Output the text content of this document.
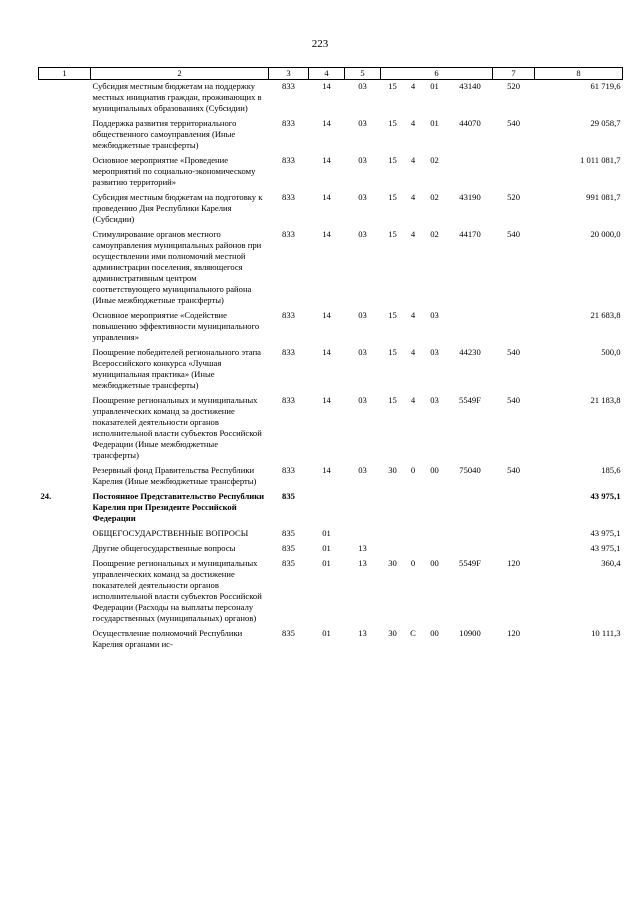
223
1	2	3	4	5	6				7	8
	Субсидия местным бюджетам на поддержку местных инициатив граждан, проживающих в муниципальных образованиях (Субсидии)	833	14	03	15	4	01	43140	520	61 719,6
	Поддержка развития территориального общественного самоуправления (Иные межбюджетные трансферты)	833	14	03	15	4	01	44070	540	29 058,7
	Основное мероприятие «Проведение мероприятий по социально-экономическому развитию территорий»	833	14	03	15	4	02			1 011 081,7
	Субсидия местным бюджетам на подготовку к проведению Дня Республики Карелия (Субсидии)	833	14	03	15	4	02	43190	520	991 081,7
	Стимулирование органов местного самоуправления муниципальных районов при осуществлении ими полномочий местной администрации поселения, являющегося административным центром соответствующего муниципального района (Иные межбюджетные трансферты)	833	14	03	15	4	02	44170	540	20 000,0
	Основное мероприятие «Содействие повышению эффективности муниципального управления»	833	14	03	15	4	03			21 683,8
	Поощрение победителей регионального этапа Всероссийского конкурса «Лучшая муниципальная практика» (Иные межбюджетные трансферты)	833	14	03	15	4	03	44230	540	500,0
	Поощрение региональных и муниципальных управленческих команд за достижение показателей деятельности органов исполнительной власти субъектов Российской Федерации (Иные межбюджетные трансферты)	833	14	03	15	4	03	5549F	540	21 183,8
	Резервный фонд Правительства Республики Карелия (Иные межбюджетные трансферты)	833	14	03	30	0	00	75040	540	185,6
24.	Постоянное Представительство Республики Карелия при Президенте Российской Федерации	835								43 975,1
	ОБЩЕГОСУДАРСТВЕННЫЕ ВОПРОСЫ	835	01							43 975,1
	Другие общегосударственные вопросы	835	01	13						43 975,1
	Поощрение региональных и муниципальных управленческих команд за достижение показателей деятельности органов исполнительной власти субъектов Российской Федерации (Расходы на выплаты персоналу государственных (муниципальных) органов)	835	01	13	30	0	00	5549F	120	360,4
	Осуществление полномочий Республики Карелия органами ис-	835	01	13	30	С	00	10900	120	10 111,3
